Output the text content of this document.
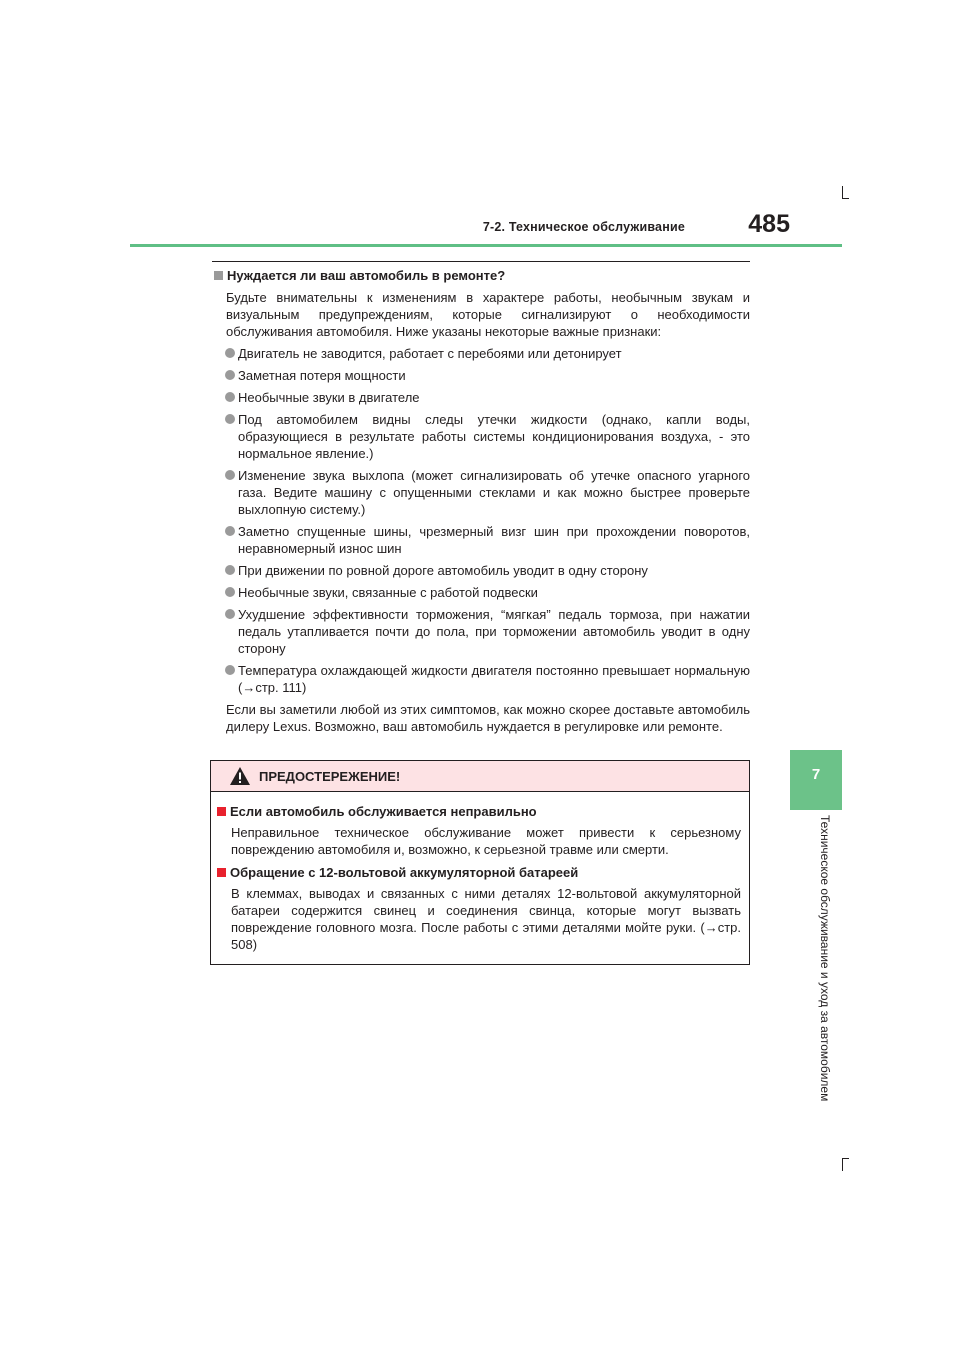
7-2. Техническое обслуживание	485
7
Техническое обслуживание и уход за автомобилем
Нуждается ли ваш автомобиль в ремонте?

Будьте внимательны к изменениям в характере работы, необычным звукам и визуальным предупреждениям, которые сигнализируют о необходимости обслуживания автомобиля. Ниже указаны некоторые важные признаки:

Двигатель не заводится, работает с перебоями или детонирует
Заметная потеря мощности
Необычные звуки в двигателе
Под автомобилем видны следы утечки жидкости (однако, капли воды, образующиеся в результате работы системы кондиционирования воздуха, - это нормальное явление.)
Изменение звука выхлопа (может сигнализировать об утечке опасного угарного газа. Ведите машину с опущенными стеклами и как можно быстрее проверьте выхлопную систему.)
Заметно спущенные шины, чрезмерный визг шин при прохождении поворотов, неравномерный износ шин
При движении по ровной дороге автомобиль уводит в одну сторону
Необычные звуки, связанные с работой подвески
Ухудшение эффективности торможения, “мягкая” педаль тормоза, при нажатии педаль утапливается почти до пола, при торможении автомобиль уводит в одну сторону
Температура охлаждающей жидкости двигателя постоянно превышает нормальную (→стр. 111)

Если вы заметили любой из этих симптомов, как можно скорее доставьте автомобиль дилеру Lexus. Возможно, ваш автомобиль нуждается в регулировке или ремонте.

ПРЕДОСТЕРЕЖЕНИЕ!
Если автомобиль обслуживается неправильно

Неправильное техническое обслуживание может привести к серьезному повреждению автомобиля и, возможно, к серьезной травме или смерти.

Обращение с 12-вольтовой аккумуляторной батареей

В клеммах, выводах и связанных с ними деталях 12-вольтовой аккумуляторной батареи содержится свинец и соединения свинца, которые могут вызвать повреждение головного мозга. После работы с этими деталями мойте руки. (→стр. 508)
